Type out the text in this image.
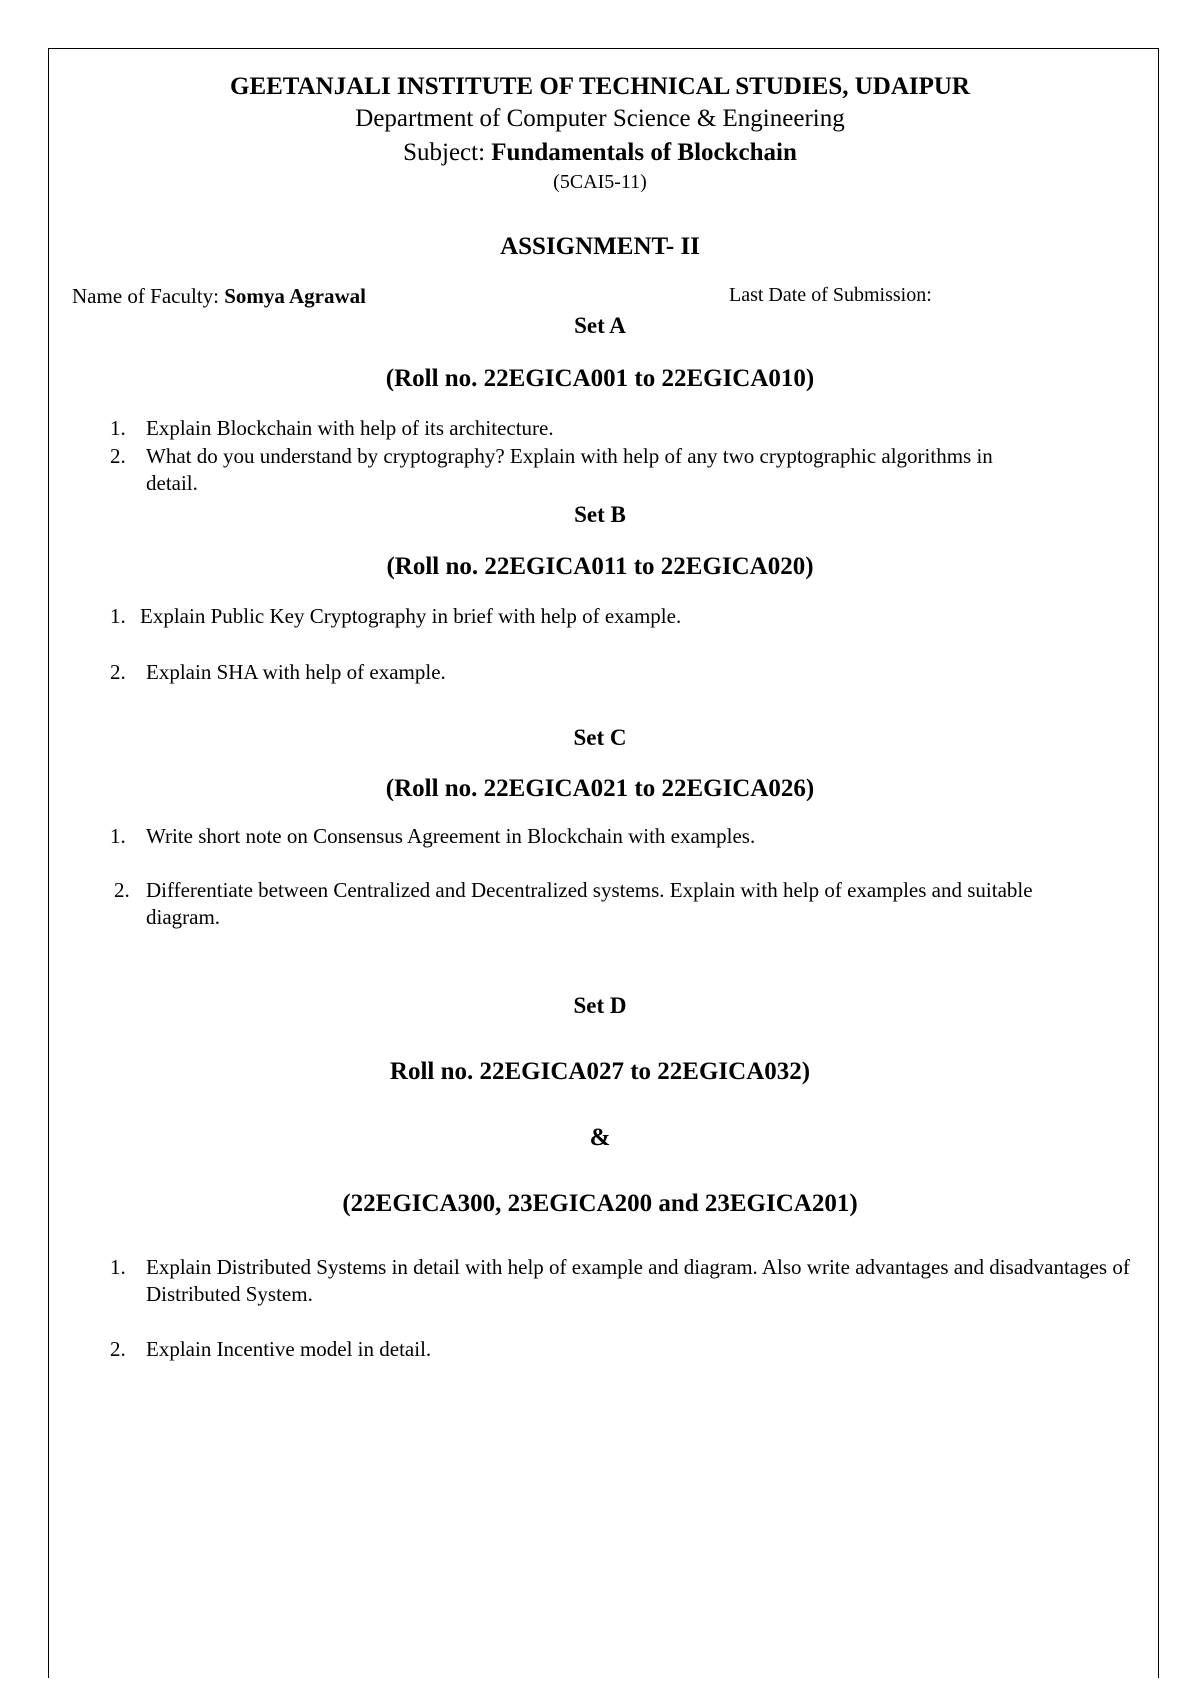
GEETANJALI INSTITUTE OF TECHNICAL STUDIES, UDAIPUR
Department of Computer Science & Engineering
Subject: Fundamentals of Blockchain
(5CAI5-11)
ASSIGNMENT- II
Name of Faculty: Somya Agrawal	Last Date of Submission:
Set A
(Roll no. 22EGICA001 to 22EGICA010)
1. Explain Blockchain with help of its architecture.
2. What do you understand by cryptography? Explain with help of any two cryptographic algorithms in detail.
Set B
(Roll no. 22EGICA011 to 22EGICA020)
1. Explain Public Key Cryptography in brief with help of example.
2. Explain SHA with help of example.
Set C
(Roll no. 22EGICA021 to 22EGICA026)
1. Write short note on Consensus Agreement in Blockchain with examples.
2. Differentiate between Centralized and Decentralized systems. Explain with help of examples and suitable diagram.
Set D
Roll no. 22EGICA027 to 22EGICA032)
&
(22EGICA300, 23EGICA200 and 23EGICA201)
1. Explain Distributed Systems in detail with help of example and diagram. Also write advantages and disadvantages of Distributed System.
2. Explain Incentive model in detail.
